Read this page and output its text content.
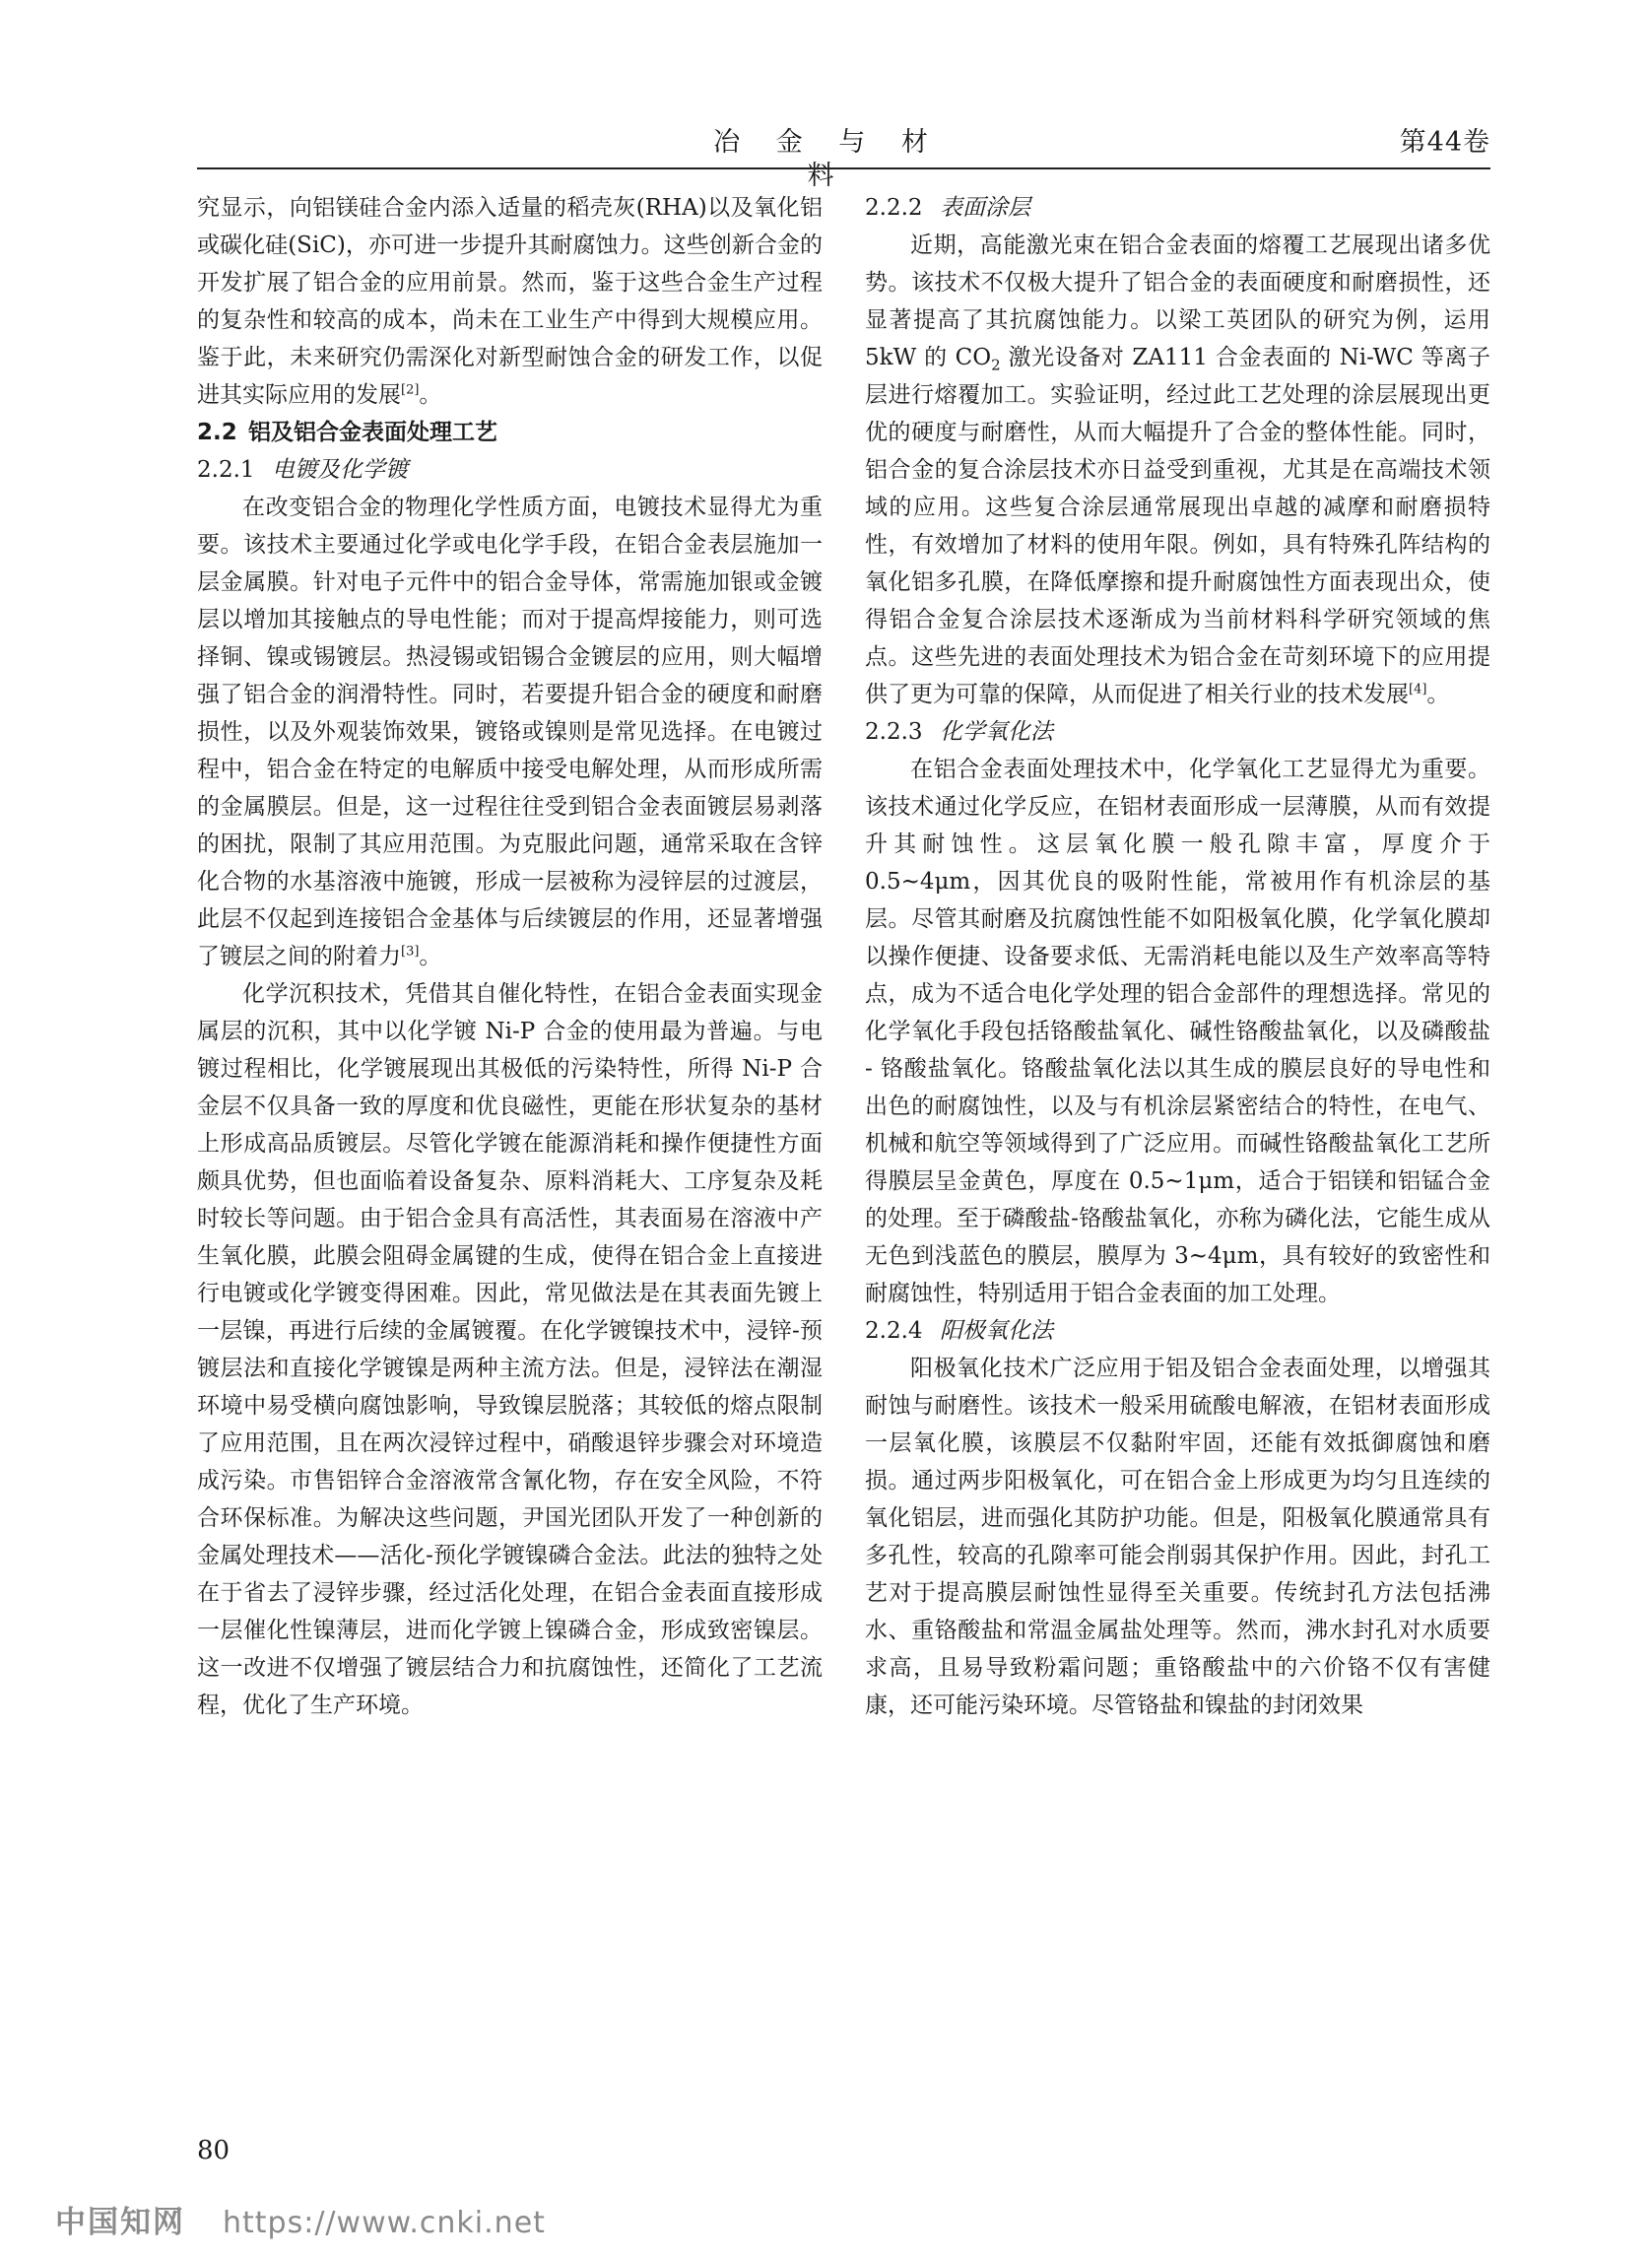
冶 金 与 材 料
第44卷

究显示，向铝镁硅合金内添入适量的稻壳灰(RHA)以及氧化铝或碳化硅(SiC)，亦可进一步提升其耐腐蚀力。这些创新合金的开发扩展了铝合金的应用前景。然而，鉴于这些合金生产过程的复杂性和较高的成本，尚未在工业生产中得到大规模应用。鉴于此，未来研究仍需深化对新型耐蚀合金的研发工作，以促进其实际应用的发展[2]。

2.2 铝及铝合金表面处理工艺
2.2.1 电镀及化学镀

在改变铝合金的物理化学性质方面，电镀技术显得尤为重要。该技术主要通过化学或电化学手段，在铝合金表层施加一层金属膜。针对电子元件中的铝合金导体，常需施加银或金镀层以增加其接触点的导电性能；而对于提高焊接能力，则可选择铜、镍或锡镀层。热浸锡或铝锡合金镀层的应用，则大幅增强了铝合金的润滑特性。同时，若要提升铝合金的硬度和耐磨损性，以及外观装饰效果，镀铬或镍则是常见选择。在电镀过程中，铝合金在特定的电解质中接受电解处理，从而形成所需的金属膜层。但是，这一过程往往受到铝合金表面镀层易剥落的困扰，限制了其应用范围。为克服此问题，通常采取在含锌化合物的水基溶液中施镀，形成一层被称为浸锌层的过渡层，此层不仅起到连接铝合金基体与后续镀层的作用，还显著增强了镀层之间的附着力[3]。

化学沉积技术，凭借其自催化特性，在铝合金表面实现金属层的沉积，其中以化学镀 Ni-P 合金的使用最为普遍。与电镀过程相比，化学镀展现出其极低的污染特性，所得 Ni-P 合金层不仅具备一致的厚度和优良磁性，更能在形状复杂的基材上形成高品质镀层。尽管化学镀在能源消耗和操作便捷性方面颇具优势，但也面临着设备复杂、原料消耗大、工序复杂及耗时较长等问题。由于铝合金具有高活性，其表面易在溶液中产生氧化膜，此膜会阻碍金属键的生成，使得在铝合金上直接进行电镀或化学镀变得困难。因此，常见做法是在其表面先镀上一层镍，再进行后续的金属镀覆。在化学镀镍技术中，浸锌-预镀层法和直接化学镀镍是两种主流方法。但是，浸锌法在潮湿环境中易受横向腐蚀影响，导致镍层脱落；其较低的熔点限制了应用范围，且在两次浸锌过程中，硝酸退锌步骤会对环境造成污染。市售铝锌合金溶液常含氰化物，存在安全风险，不符合环保标准。为解决这些问题，尹国光团队开发了一种创新的金属处理技术——活化-预化学镀镍磷合金法。此法的独特之处在于省去了浸锌步骤，经过活化处理，在铝合金表面直接形成一层催化性镍薄层，进而化学镀上镍磷合金，形成致密镍层。这一改进不仅增强了镀层结合力和抗腐蚀性，还简化了工艺流程，优化了生产环境。

2.2.2 表面涂层

近期，高能激光束在铝合金表面的熔覆工艺展现出诸多优势。该技术不仅极大提升了铝合金的表面硬度和耐磨损性，还显著提高了其抗腐蚀能力。以梁工英团队的研究为例，运用 5kW 的 $CO_2$ 激光设备对 ZA111 合金表面的 Ni-WC 等离子层进行熔覆加工。实验证明，经过此工艺处理的涂层展现出更优的硬度与耐磨性，从而大幅提升了合金的整体性能。同时，铝合金的复合涂层技术亦日益受到重视，尤其是在高端技术领域的应用。这些复合涂层通常展现出卓越的减摩和耐磨损特性，有效增加了材料的使用年限。例如，具有特殊孔阵结构的氧化铝多孔膜，在降低摩擦和提升耐腐蚀性方面表现出众，使得铝合金复合涂层技术逐渐成为当前材料科学研究领域的焦点。这些先进的表面处理技术为铝合金在苛刻环境下的应用提供了更为可靠的保障，从而促进了相关行业的技术发展[4]。

2.2.3 化学氧化法

在铝合金表面处理技术中，化学氧化工艺显得尤为重要。该技术通过化学反应，在铝材表面形成一层薄膜，从而有效提升其耐蚀性。这层氧化膜一般孔隙丰富，厚度介于 0.5~4μm，因其优良的吸附性能，常被用作有机涂层的基层。尽管其耐磨及抗腐蚀性能不如阳极氧化膜，化学氧化膜却以操作便捷、设备要求低、无需消耗电能以及生产效率高等特点，成为不适合电化学处理的铝合金部件的理想选择。常见的化学氧化手段包括铬酸盐氧化、碱性铬酸盐氧化，以及磷酸盐 - 铬酸盐氧化。铬酸盐氧化法以其生成的膜层良好的导电性和出色的耐腐蚀性，以及与有机涂层紧密结合的特性，在电气、机械和航空等领域得到了广泛应用。而碱性铬酸盐氧化工艺所得膜层呈金黄色，厚度在 0.5~1μm，适合于铝镁和铝锰合金的处理。至于磷酸盐-铬酸盐氧化，亦称为磷化法，它能生成从无色到浅蓝色的膜层，膜厚为 3~4μm，具有较好的致密性和耐腐蚀性，特别适用于铝合金表面的加工处理。

2.2.4 阳极氧化法

阳极氧化技术广泛应用于铝及铝合金表面处理，以增强其耐蚀与耐磨性。该技术一般采用硫酸电解液，在铝材表面形成一层氧化膜，该膜层不仅黏附牢固，还能有效抵御腐蚀和磨损。通过两步阳极氧化，可在铝合金上形成更为均匀且连续的氧化铝层，进而强化其防护功能。但是，阳极氧化膜通常具有多孔性，较高的孔隙率可能会削弱其保护作用。因此，封孔工艺对于提高膜层耐蚀性显得至关重要。传统封孔方法包括沸水、重铬酸盐和常温金属盐处理等。然而，沸水封孔对水质要求高，且易导致粉霜问题；重铬酸盐中的六价铬不仅有害健康，还可能污染环境。尽管铬盐和镍盐的封闭效果

80
中国知网 https://www.cnki.net
